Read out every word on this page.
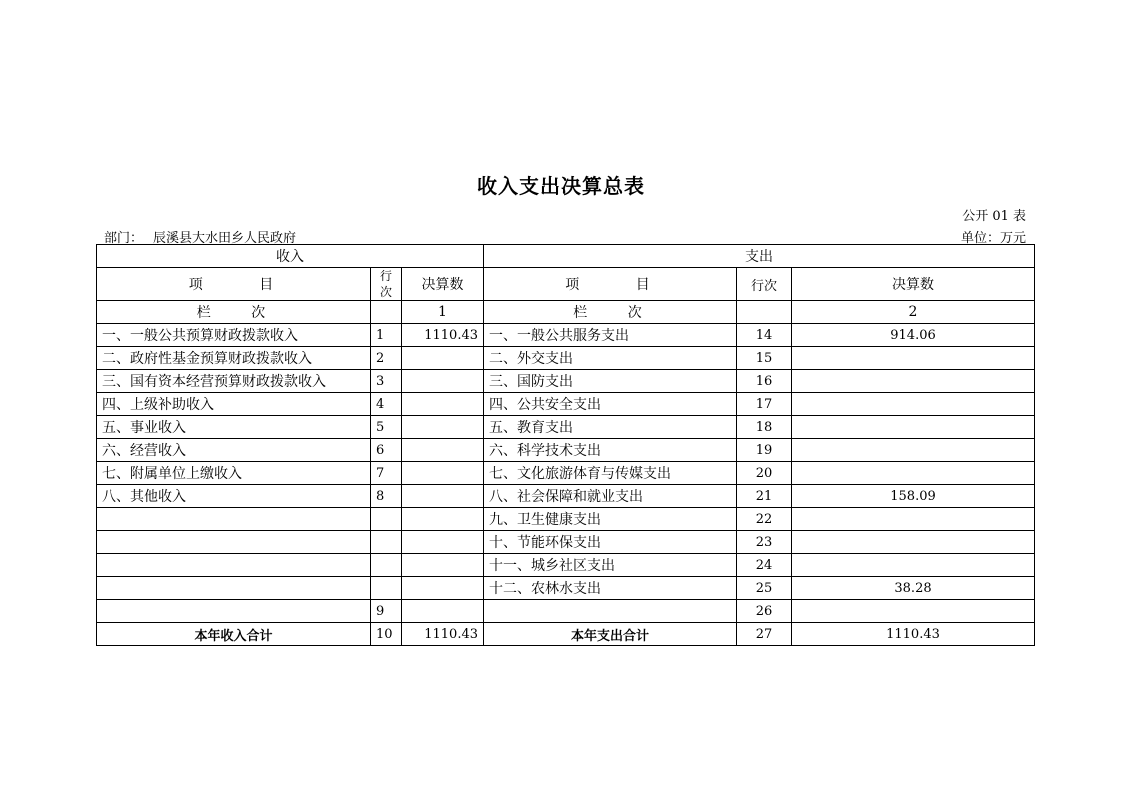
收入支出决算总表
公开 01 表
部门： 辰溪县大水田乡人民政府	单位：万元
收入			支出		
项 目	行次	决算数	项 目	行次	决算数
栏 次		1	栏 次		2
一、一般公共预算财政拨款收入	1	1110.43	一、一般公共服务支出	14	914.06
二、政府性基金预算财政拨款收入	2		二、外交支出	15	
三、国有资本经营预算财政拨款收入	3		三、国防支出	16	
四、上级补助收入	4		四、公共安全支出	17	
五、事业收入	5		五、教育支出	18	
六、经营收入	6		六、科学技术支出	19	
七、附属单位上缴收入	7		七、文化旅游体育与传媒支出	20	
八、其他收入	8		八、社会保障和就业支出	21	158.09
			九、卫生健康支出	22	
			十、节能环保支出	23	
			十一、城乡社区支出	24	
			十二、农林水支出	25	38.28
	9			26	
本年收入合计	10	1110.43	本年支出合计	27	1110.43
